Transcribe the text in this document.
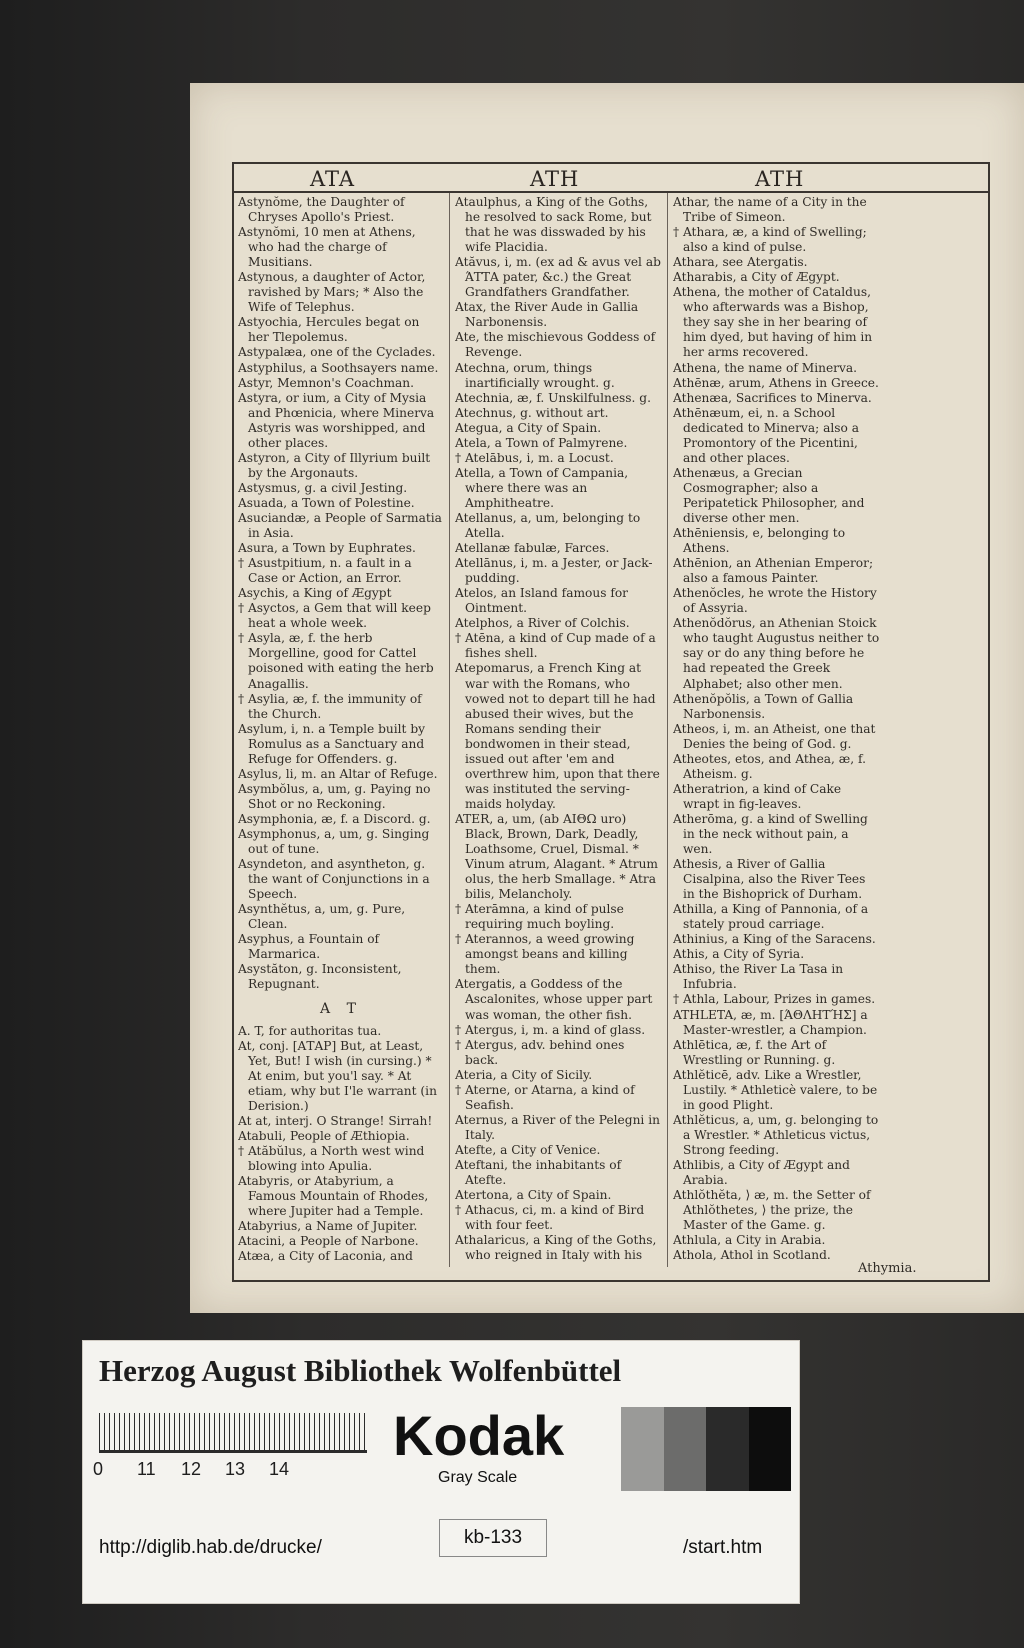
ATA	ATH	ATH

Astynŏme, the Daughter of Chryses Apollo's Priest.

Astynŏmi, 10 men at Athens, who had the charge of Musitians.

Astynous, a daughter of Actor, ravished by Mars; * Also the Wife of Telephus.

Astyochia, Hercules begat on her Tlepolemus.

Astypalæa, one of the Cyclades.

Astyphilus, a Soothsayers name.

Astyr, Memnon's Coachman.

Astyra, or ium, a City of Mysia and Phœnicia, where Minerva Astyris was worshipped, and other places.

Astyron, a City of Illyrium built by the Argonauts.

Astysmus, g. a civil Jesting.

Asuada, a Town of Polestine.

Asuciandæ, a People of Sarmatia in Asia.

Asura, a Town by Euphrates.

† Asustpitium, n. a fault in a Case or Action, an Error.

Asychis, a King of Ægypt

† Asyctos, a Gem that will keep heat a whole week.

† Asyla, æ, f. the herb Morgelline, good for Cattel poisoned with eating the herb Anagallis.

† Asylia, æ, f. the immunity of the Church.

Asylum, i, n. a Temple built by Romulus as a Sanctuary and Refuge for Offenders. g.

Asylus, li, m. an Altar of Refuge.

Asymbŏlus, a, um, g. Paying no Shot or no Reckoning.

Asymphonia, æ, f. a Discord. g.

Asymphonus, a, um, g. Singing out of tune.

Asyndeton, and asyntheton, g. the want of Conjunctions in a Speech.

Asynthĕtus, a, um, g. Pure, Clean.

Asyphus, a Fountain of Marmarica.

Asystăton, g. Inconsistent, Repugnant.

A T

A. T, for authoritas tua.

At, conj. [ΑΤΑΡ] But, at Least, Yet, But! I wish (in cursing.) * At enim, but you'l say. * At etiam, why but I'le warrant (in Derision.)

At at, interj. O Strange! Sirrah!

Atabuli, People of Æthiopia.

† Atăbŭlus, a North west wind blowing into Apulia.

Atabyris, or Atabyrium, a Famous Mountain of Rhodes, where Jupiter had a Temple.

Atabyrius, a Name of Jupiter.

Atacini, a People of Narbone.

Atæa, a City of Laconia, and

Ataulphus, a King of the Goths, he resolved to sack Rome, but that he was disswaded by his wife Placidia.

Atăvus, i, m. (ex ad & avus vel ab ΆΤΤΑ pater, &c.) the Great Grandfathers Grandfather.

Atax, the River Aude in Gallia Narbonensis.

Ate, the mischievous Goddess of Revenge.

Atechna, orum, things inartificially wrought. g.

Atechnia, æ, f. Unskilfulness. g.

Atechnus, g. without art.

Ategua, a City of Spain.

Atela, a Town of Palmyrene.

† Atelābus, i, m. a Locust.

Atella, a Town of Campania, where there was an Amphitheatre.

Atellanus, a, um, belonging to Atella.

Atellanæ fabulæ, Farces.

Atellānus, i, m. a Jester, or Jack-pudding.

Atelos, an Island famous for Ointment.

Atelphos, a River of Colchis.

† Atēna, a kind of Cup made of a fishes shell.

Atepomarus, a French King at war with the Romans, who vowed not to depart till he had abused their wives, but the Romans sending their bondwomen in their stead, issued out after 'em and overthrew him, upon that there was instituted the serving-maids holyday.

ATER, a, um, (ab ΑΙΘΩ uro) Black, Brown, Dark, Deadly, Loathsome, Cruel, Dismal. * Vinum atrum, Alagant. * Atrum olus, the herb Smallage. * Atra bilis, Melancholy.

† Aterāmna, a kind of pulse requiring much boyling.

† Aterannos, a weed growing amongst beans and killing them.

Atergatis, a Goddess of the Ascalonites, whose upper part was woman, the other fish.

† Atergus, i, m. a kind of glass.

† Atergus, adv. behind ones back.

Ateria, a City of Sicily.

† Aterne, or Atarna, a kind of Seafish.

Aternus, a River of the Pelegni in Italy.

Atefte, a City of Venice.

Ateftani, the inhabitants of Atefte.

Atertona, a City of Spain.

† Athacus, ci, m. a kind of Bird with four feet.

Athalaricus, a King of the Goths, who reigned in Italy with his

Athar, the name of a City in the Tribe of Simeon.

† Athara, æ, a kind of Swelling; also a kind of pulse.

Athara, see Atergatis.

Atharabis, a City of Ægypt.

Athena, the mother of Cataldus, who afterwards was a Bishop, they say she in her bearing of him dyed, but having of him in her arms recovered.

Athena, the name of Minerva.

Athēnæ, arum, Athens in Greece.

Athenæa, Sacrifices to Minerva.

Athēnæum, ei, n. a School dedicated to Minerva; also a Promontory of the Picentini, and other places.

Athenæus, a Grecian Cosmographer; also a Peripatetick Philosopher, and diverse other men.

Athēniensis, e, belonging to Athens.

Athēnion, an Athenian Emperor; also a famous Painter.

Athenŏcles, he wrote the History of Assyria.

Athenŏdŏrus, an Athenian Stoick who taught Augustus neither to say or do any thing before he had repeated the Greek Alphabet; also other men.

Athenŏpŏlis, a Town of Gallia Narbonensis.

Atheos, i, m. an Atheist, one that Denies the being of God. g.

Atheotes, etos, and Athea, æ, f. Atheism. g.

Atheratrion, a kind of Cake wrapt in fig-leaves.

Atherōma, g. a kind of Swelling in the neck without pain, a wen.

Athesis, a River of Gallia Cisalpina, also the River Tees in the Bishoprick of Durham.

Athilla, a King of Pannonia, of a stately proud carriage.

Athinius, a King of the Saracens.

Athis, a City of Syria.

Athiso, the River La Tasa in Infubria.

† Athla, Labour, Prizes in games.

ATHLETA, æ, m. [ΆΘΛΗΤΉΣ] a Master-wrestler, a Champion.

Athlētica, æ, f. the Art of Wrestling or Running. g.

Athlĕticē, adv. Like a Wrestler, Lustily. * Athleticè valere, to be in good Plight.

Athlĕticus, a, um, g. belonging to a Wrestler. * Athleticus victus, Strong feeding.

Athlibis, a City of Ægypt and Arabia.

Athlŏthĕta, ⟩ æ, m. the Setter of Athlŏthetes, ⟩ the prize, the Master of the Game. g.

Athlula, a City in Arabia.

Athola, Athol in Scotland.

Athymia.
Herzog August Bibliothek Wolfenbüttel
0 11 12 13 14
Kodak
Gray Scale
http://diglib.hab.de/drucke/	kb-133	/start.htm
